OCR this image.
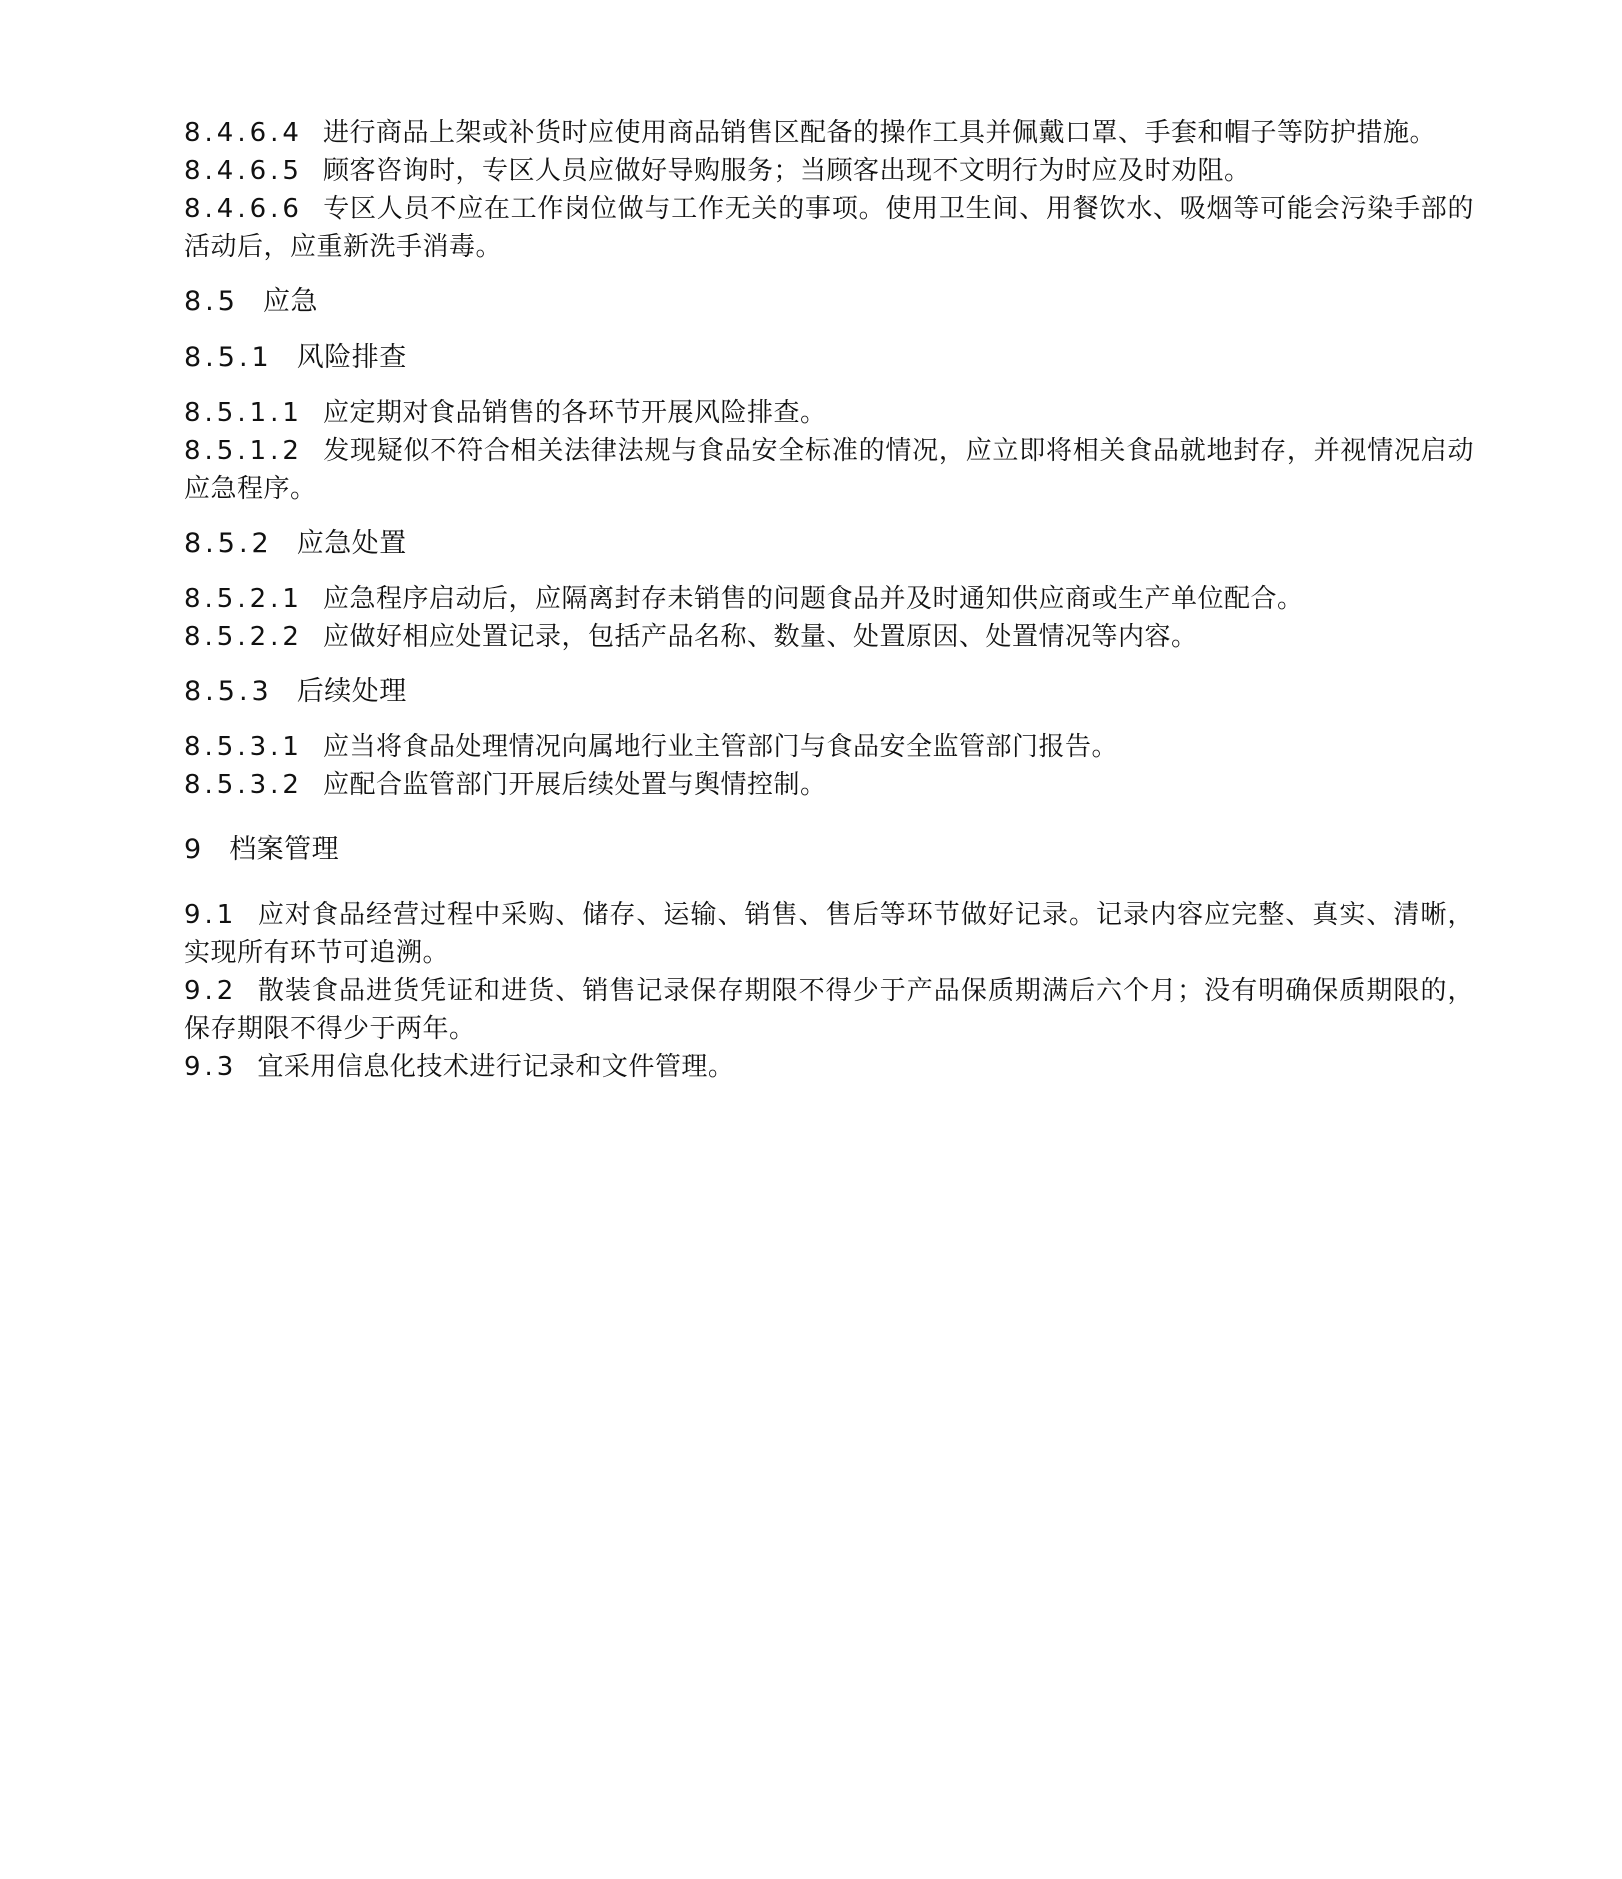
8.4.6.4 进行商品上架或补货时应使用商品销售区配备的操作工具并佩戴口罩、手套和帽子等防护措施。

8.4.6.5 顾客咨询时，专区人员应做好导购服务；当顾客出现不文明行为时应及时劝阻。

8.4.6.6 专区人员不应在工作岗位做与工作无关的事项。使用卫生间、用餐饮水、吸烟等可能会污染手部的活动后，应重新洗手消毒。

8.5 应急

8.5.1 风险排查

8.5.1.1 应定期对食品销售的各环节开展风险排查。

8.5.1.2 发现疑似不符合相关法律法规与食品安全标准的情况，应立即将相关食品就地封存，并视情况启动应急程序。

8.5.2 应急处置

8.5.2.1 应急程序启动后，应隔离封存未销售的问题食品并及时通知供应商或生产单位配合。

8.5.2.2 应做好相应处置记录，包括产品名称、数量、处置原因、处置情况等内容。

8.5.3 后续处理

8.5.3.1 应当将食品处理情况向属地行业主管部门与食品安全监管部门报告。

8.5.3.2 应配合监管部门开展后续处置与舆情控制。

9 档案管理

9.1 应对食品经营过程中采购、储存、运输、销售、售后等环节做好记录。记录内容应完整、真实、清晰，实现所有环节可追溯。

9.2 散装食品进货凭证和进货、销售记录保存期限不得少于产品保质期满后六个月；没有明确保质期限的，保存期限不得少于两年。

9.3 宜采用信息化技术进行记录和文件管理。
